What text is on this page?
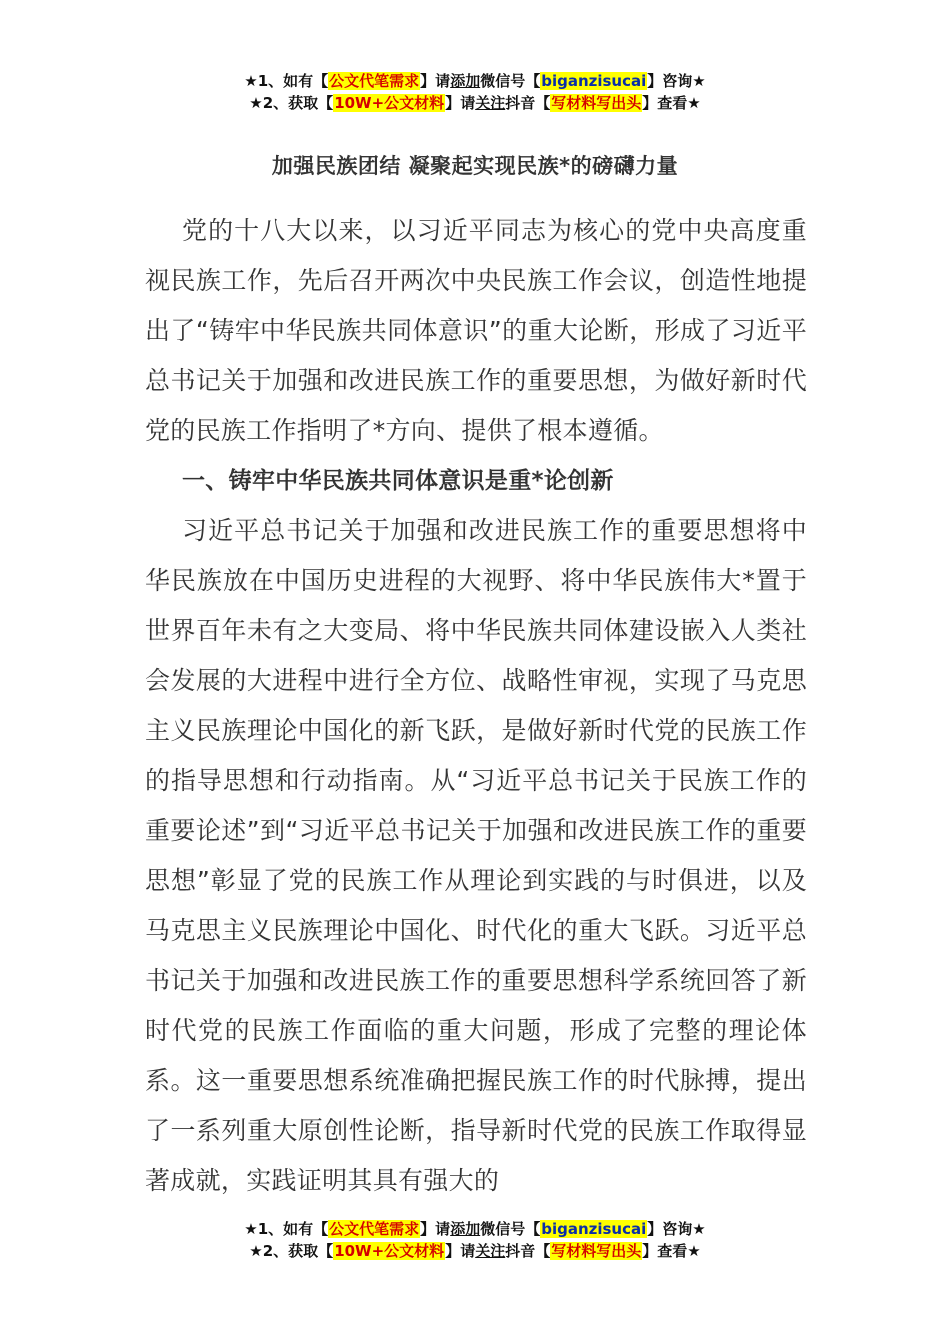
★1、如有【公文代笔需求】请添加微信号【biganzisucai】咨询★
★2、获取【10W+公文材料】请关注抖音【写材料写出头】查看★
加强民族团结 凝聚起实现民族*的磅礴力量

党的十八大以来，以习近平同志为核心的党中央高度重视民族工作，先后召开两次中央民族工作会议，创造性地提出了“铸牢中华民族共同体意识”的重大论断，形成了习近平总书记关于加强和改进民族工作的重要思想，为做好新时代党的民族工作指明了*方向、提供了根本遵循。

一、铸牢中华民族共同体意识是重*论创新

习近平总书记关于加强和改进民族工作的重要思想将中华民族放在中国历史进程的大视野、将中华民族伟大*置于世界百年未有之大变局、将中华民族共同体建设嵌入人类社会发展的大进程中进行全方位、战略性审视，实现了马克思主义民族理论中国化的新飞跃，是做好新时代党的民族工作的指导思想和行动指南。从“习近平总书记关于民族工作的重要论述”到“习近平总书记关于加强和改进民族工作的重要思想”彰显了党的民族工作从理论到实践的与时俱进，以及马克思主义民族理论中国化、时代化的重大飞跃。习近平总书记关于加强和改进民族工作的重要思想科学系统回答了新时代党的民族工作面临的重大问题，形成了完整的理论体系。这一重要思想系统准确把握民族工作的时代脉搏，提出了一系列重大原创性论断，指导新时代党的民族工作取得显著成就，实践证明其具有强大的

★1、如有【公文代笔需求】请添加微信号【biganzisucai】咨询★
★2、获取【10W+公文材料】请关注抖音【写材料写出头】查看★
